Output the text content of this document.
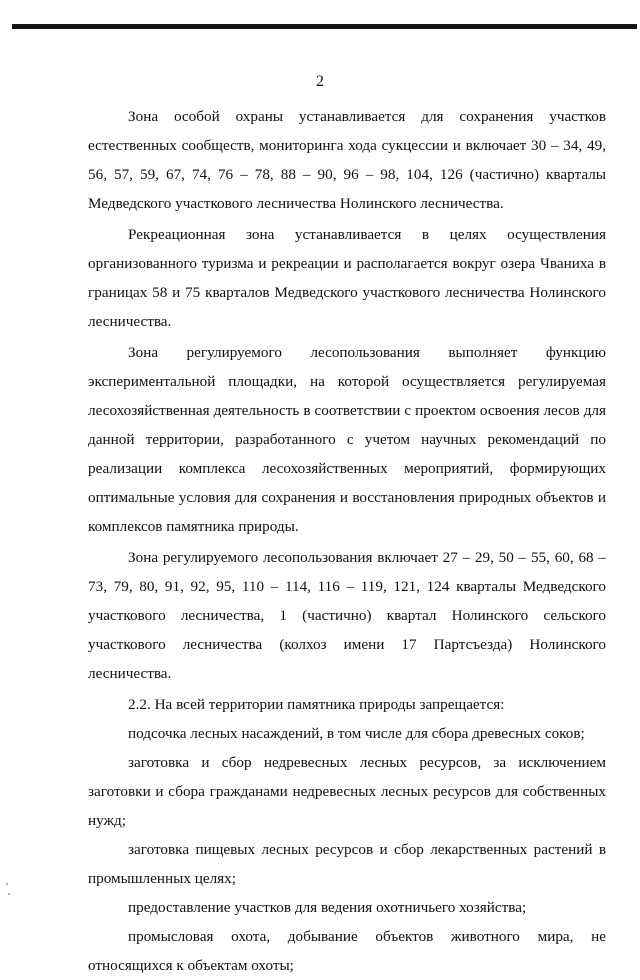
2

Зона особой охраны устанавливается для сохранения участков естественных сообществ, мониторинга хода сукцессии и включает 30 – 34, 49, 56, 57, 59, 67, 74, 76 – 78, 88 – 90, 96 – 98, 104, 126 (частично) кварталы Медведского участкового лесничества Нолинского лесничества.

Рекреационная зона устанавливается в целях осуществления организованного туризма и рекреации и располагается вокруг озера Чваниха в границах 58 и 75 кварталов Медведского участкового лесничества Нолинского лесничества.

Зона регулируемого лесопользования выполняет функцию экспериментальной площадки, на которой осуществляется регулируемая лесохозяйственная деятельность в соответствии с проектом освоения лесов для данной территории, разработанного с учетом научных рекомендаций по реализации комплекса лесохозяйственных мероприятий, формирующих оптимальные условия для сохранения и восстановления природных объектов и комплексов памятника природы.

Зона регулируемого лесопользования включает 27 – 29, 50 – 55, 60, 68 – 73, 79, 80, 91, 92, 95, 110 – 114, 116 – 119, 121, 124 кварталы Медведского участкового лесничества, 1 (частично) квартал Нолинского сельского участкового лесничества (колхоз имени 17 Партсъезда) Нолинского лесничества.

2.2. На всей территории памятника природы запрещается:

подсочка лесных насаждений, в том числе для сбора древесных соков;

заготовка и сбор недревесных лесных ресурсов, за исключением заготовки и сбора гражданами недревесных лесных ресурсов для собственных нужд;

заготовка пищевых лесных ресурсов и сбор лекарственных растений в промышленных целях;

предоставление участков для ведения охотничьего хозяйства;

промысловая охота, добывание объектов животного мира, не относящихся к объектам охоты;
